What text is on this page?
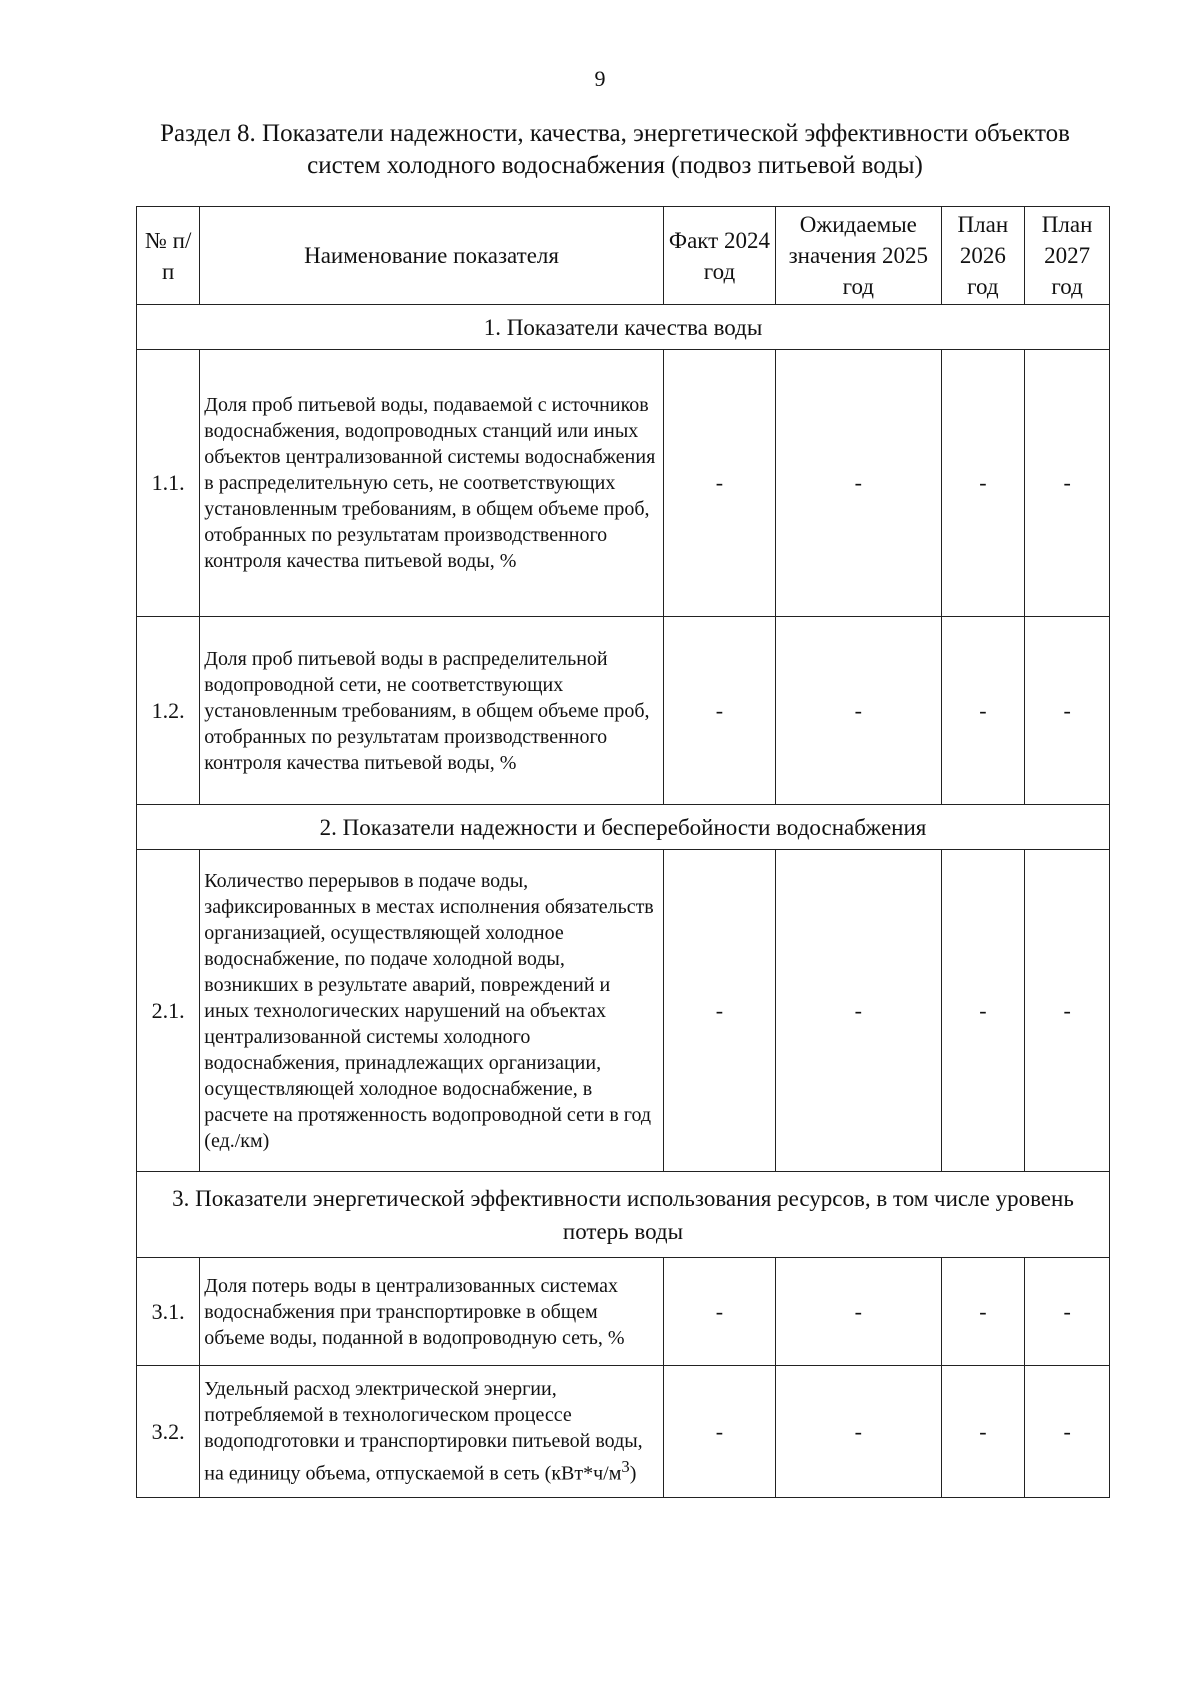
9
Раздел 8. Показатели надежности, качества, энергетической эффективности объектов систем холодного водоснабжения (подвоз питьевой воды)
№ п/п	Наименование показателя	Факт 2024 год	Ожидаемые значения 2025 год	План 2026 год	План 2027 год
1. Показатели качества воды					
1.1.	Доля проб питьевой воды, подаваемой с источников водоснабжения, водопроводных станций или иных объектов централизованной системы водоснабжения в распределительную сеть, не соответствующих установленным требованиям, в общем объеме проб, отобранных по результатам производственного контроля качества питьевой воды, %	-	-	-	-
1.2.	Доля проб питьевой воды в распределительной водопроводной сети, не соответствующих установленным требованиям, в общем объеме проб, отобранных по результатам производственного контроля качества питьевой воды, %	-	-	-	-
2. Показатели надежности и бесперебойности водоснабжения					
2.1.	Количество перерывов в подаче воды, зафиксированных в местах исполнения обязательств организацией, осуществляющей холодное водоснабжение, по подаче холодной воды, возникших в результате аварий, повреждений и иных технологических нарушений на объектах централизованной системы холодного водоснабжения, принадлежащих организации, осуществляющей холодное водоснабжение, в расчете на протяженность водопроводной сети в год (ед./км)	-	-	-	-
3. Показатели энергетической эффективности использования ресурсов, в том числе уровень потерь воды					
3.1.	Доля потерь воды в централизованных системах водоснабжения при транспортировке в общем объеме воды, поданной в водопроводную сеть, %	-	-	-	-
3.2.	Удельный расход электрической энергии, потребляемой в технологическом процессе водоподготовки и транспортировки питьевой воды, на единицу объема, отпускаемой в сеть $(кВт*ч/м^3)$	-	-	-	-
